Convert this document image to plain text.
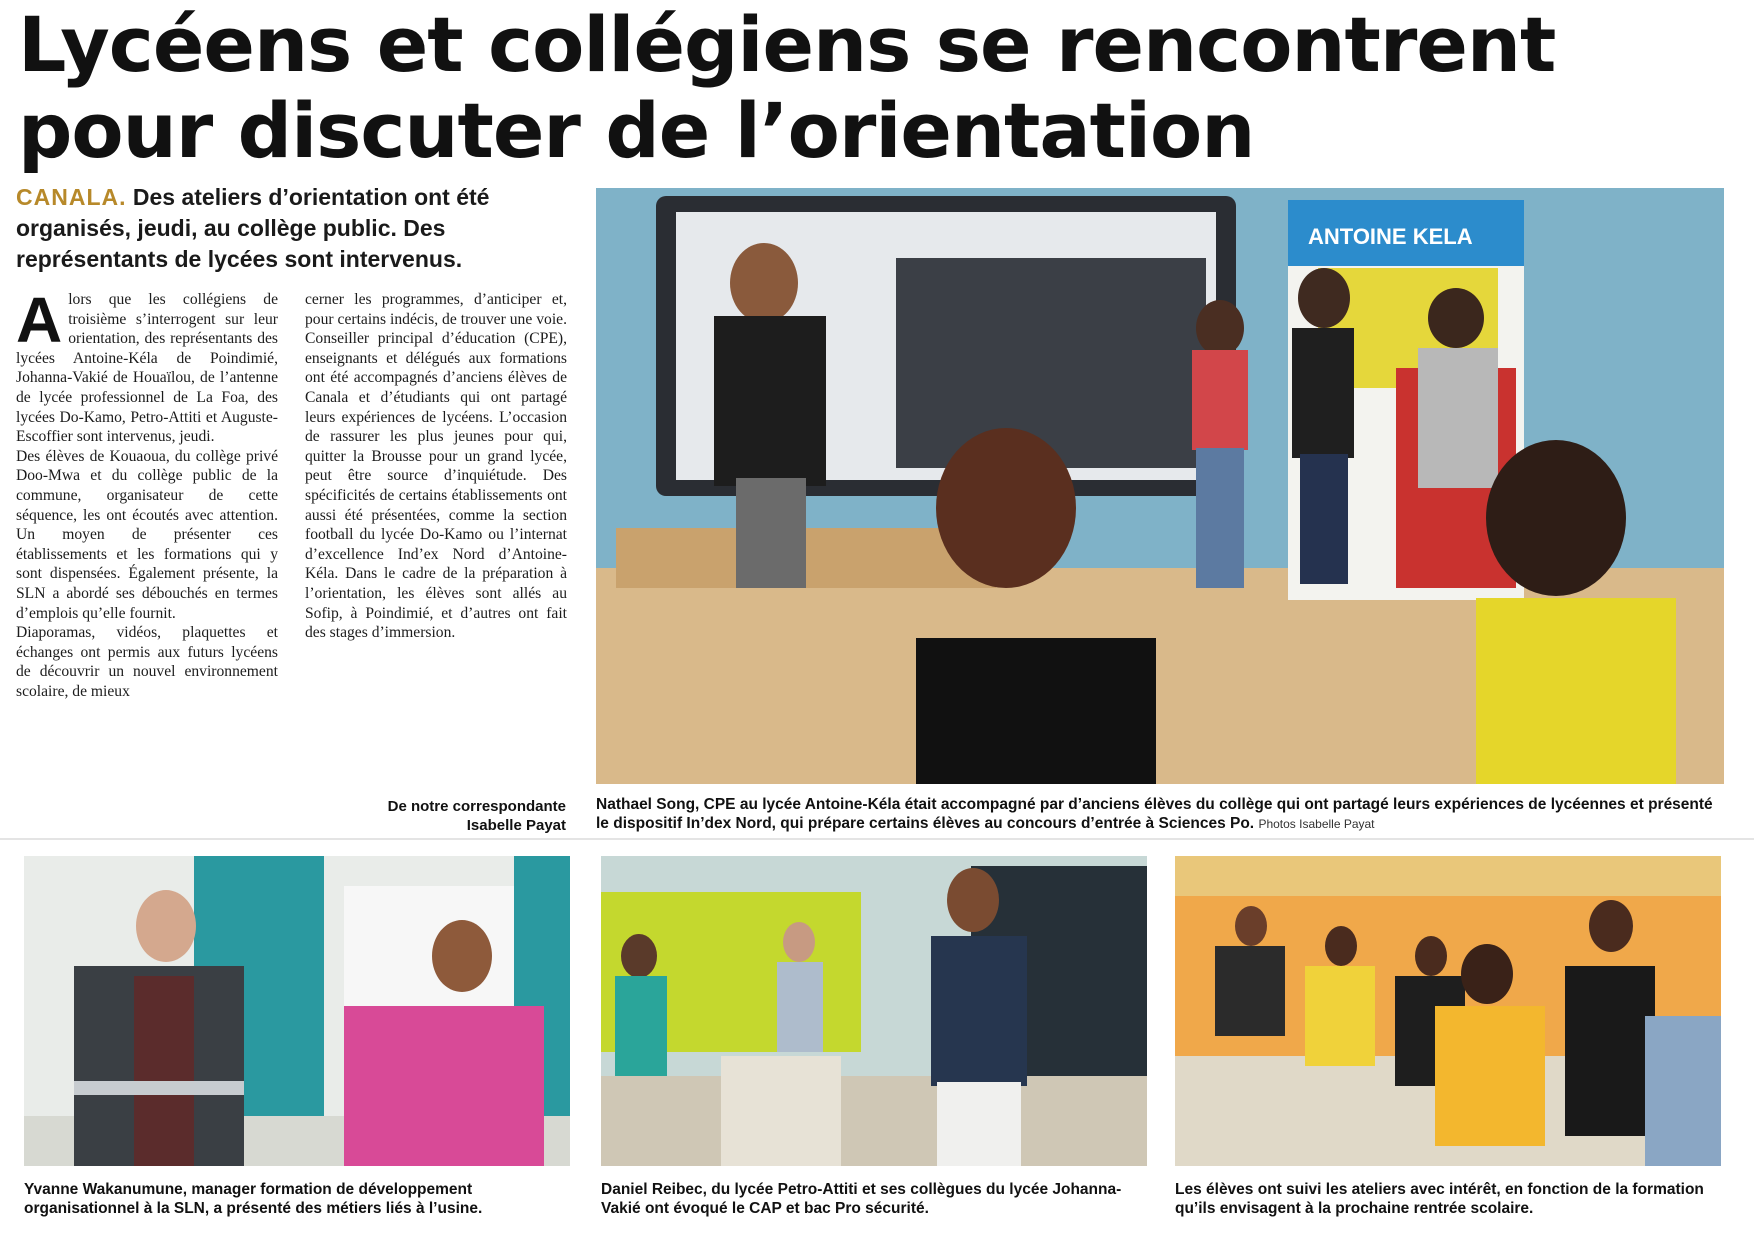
Lycéens et collégiens se rencontrent pour discuter de l’orientation

CANALA. Des ateliers d’orientation ont été organisés, jeudi, au collège public. Des représentants de lycées sont intervenus.

A lors que les collégiens de troisième s’interrogent sur leur orientation, des représentants des lycées Antoine-Kéla de Poindimié, Johanna-Vakié de Houaïlou, de l’antenne de lycée professionnel de La Foa, des lycées Do-Kamo, Petro-Attiti et Auguste-Escoffier sont intervenus, jeudi.

Des élèves de Kouaoua, du collège privé Doo-Mwa et du collège public de la commune, organisateur de cette séquence, les ont écoutés avec attention. Un moyen de présenter ces établissements et les formations qui y sont dispensées. Également présente, la SLN a abordé ses débouchés en termes d’emplois qu’elle fournit.

Diaporamas, vidéos, plaquettes et échanges ont permis aux futurs lycéens de découvrir un nouvel environnement scolaire, de mieux

cerner les programmes, d’anticiper et, pour certains indécis, de trouver une voie. Conseiller principal d’éducation (CPE), enseignants et délégués aux formations ont été accompagnés d’anciens élèves de Canala et d’étudiants qui ont partagé leurs expériences de lycéens. L’occasion de rassurer les plus jeunes pour qui, quitter la Brousse pour un grand lycée, peut être source d’inquiétude. Des spécificités de certains établissements ont aussi été présentées, comme la section football du lycée Do-Kamo ou l’internat d’excellence Ind’ex Nord d’Antoine-Kéla. Dans le cadre de la préparation à l’orientation, les élèves sont allés au Sofip, à Poindimié, et d’autres ont fait des stages d’immersion.

De notre correspondante
Isabelle Payat
ANTOINE KELA

Nathael Song, CPE au lycée Antoine-Kéla était accompagné par d’anciens élèves du collège qui ont partagé leurs expériences de lycéennes et présenté le dispositif In’dex Nord, qui prépare certains élèves au concours d’entrée à Sciences Po. Photos Isabelle Payat

Yvanne Wakanumune, manager formation de développement organisationnel à la SLN, a présenté des métiers liés à l’usine.

Daniel Reibec, du lycée Petro-Attiti et ses collègues du lycée Johanna-Vakié ont évoqué le CAP et bac Pro sécurité.

Les élèves ont suivi les ateliers avec intérêt, en fonction de la formation qu’ils envisagent à la prochaine rentrée scolaire.
